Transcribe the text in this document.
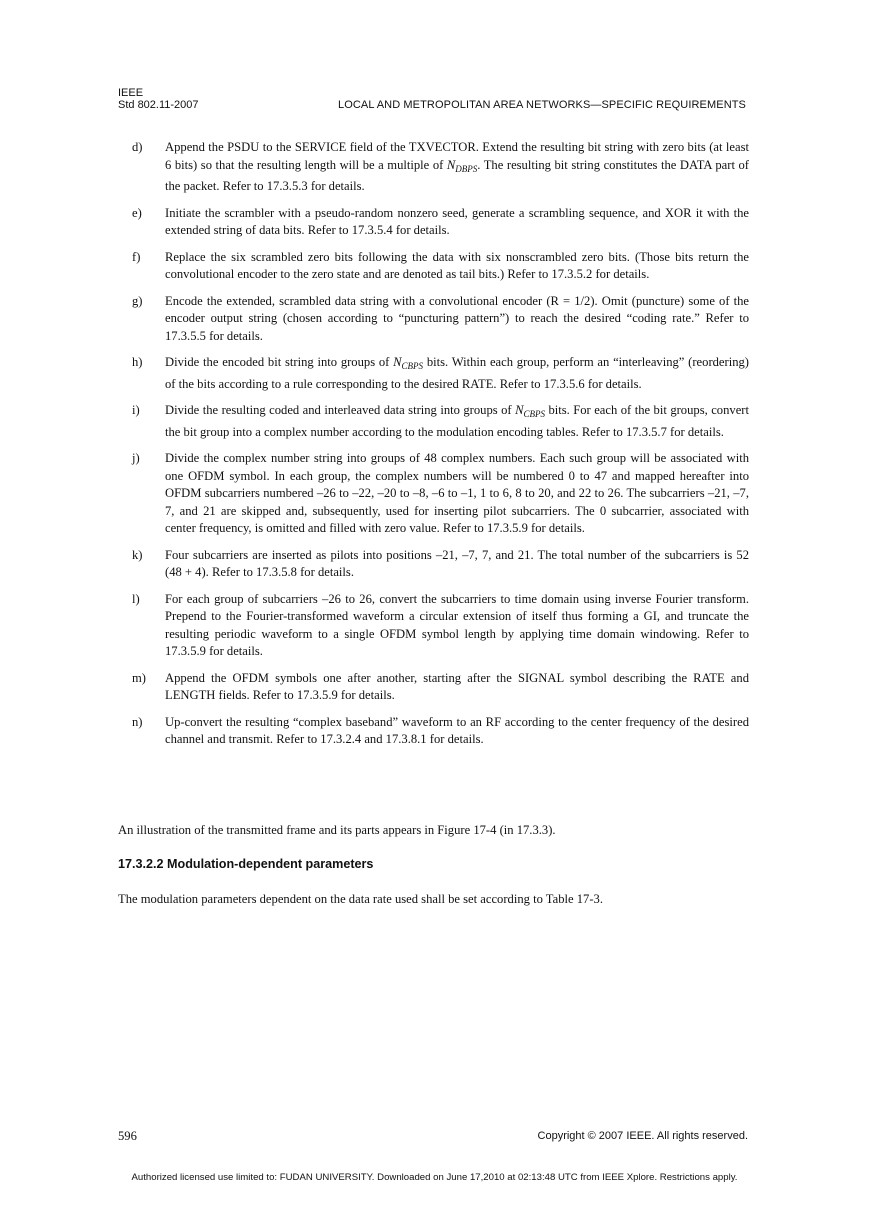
IEEE
Std 802.11-2007	LOCAL AND METROPOLITAN AREA NETWORKS—SPECIFIC REQUIREMENTS
d) Append the PSDU to the SERVICE field of the TXVECTOR. Extend the resulting bit string with zero bits (at least 6 bits) so that the resulting length will be a multiple of $N_{DBPS}$. The resulting bit string constitutes the DATA part of the packet. Refer to 17.3.5.3 for details.
e) Initiate the scrambler with a pseudo-random nonzero seed, generate a scrambling sequence, and XOR it with the extended string of data bits. Refer to 17.3.5.4 for details.
f) Replace the six scrambled zero bits following the data with six nonscrambled zero bits. (Those bits return the convolutional encoder to the zero state and are denoted as tail bits.) Refer to 17.3.5.2 for details.
g) Encode the extended, scrambled data string with a convolutional encoder (R = 1/2). Omit (puncture) some of the encoder output string (chosen according to “puncturing pattern”) to reach the desired “coding rate.” Refer to 17.3.5.5 for details.
h) Divide the encoded bit string into groups of $N_{CBPS}$ bits. Within each group, perform an “interleaving” (reordering) of the bits according to a rule corresponding to the desired RATE. Refer to 17.3.5.6 for details.
i) Divide the resulting coded and interleaved data string into groups of $N_{CBPS}$ bits. For each of the bit groups, convert the bit group into a complex number according to the modulation encoding tables. Refer to 17.3.5.7 for details.
j) Divide the complex number string into groups of 48 complex numbers. Each such group will be associated with one OFDM symbol. In each group, the complex numbers will be numbered 0 to 47 and mapped hereafter into OFDM subcarriers numbered –26 to –22, –20 to –8, –6 to –1, 1 to 6, 8 to 20, and 22 to 26. The subcarriers –21, –7, 7, and 21 are skipped and, subsequently, used for inserting pilot subcarriers. The 0 subcarrier, associated with center frequency, is omitted and filled with zero value. Refer to 17.3.5.9 for details.
k) Four subcarriers are inserted as pilots into positions –21, –7, 7, and 21. The total number of the subcarriers is 52 (48 + 4). Refer to 17.3.5.8 for details.
l) For each group of subcarriers –26 to 26, convert the subcarriers to time domain using inverse Fourier transform. Prepend to the Fourier-transformed waveform a circular extension of itself thus forming a GI, and truncate the resulting periodic waveform to a single OFDM symbol length by applying time domain windowing. Refer to 17.3.5.9 for details.
m) Append the OFDM symbols one after another, starting after the SIGNAL symbol describing the RATE and LENGTH fields. Refer to 17.3.5.9 for details.
n) Up-convert the resulting “complex baseband” waveform to an RF according to the center frequency of the desired channel and transmit. Refer to 17.3.2.4 and 17.3.8.1 for details.

An illustration of the transmitted frame and its parts appears in Figure 17-4 (in 17.3.3).

17.3.2.2 Modulation-dependent parameters

The modulation parameters dependent on the data rate used shall be set according to Table 17-3.

596	Copyright © 2007 IEEE. All rights reserved.
Authorized licensed use limited to: FUDAN UNIVERSITY. Downloaded on June 17,2010 at 02:13:48 UTC from IEEE Xplore. Restrictions apply.
